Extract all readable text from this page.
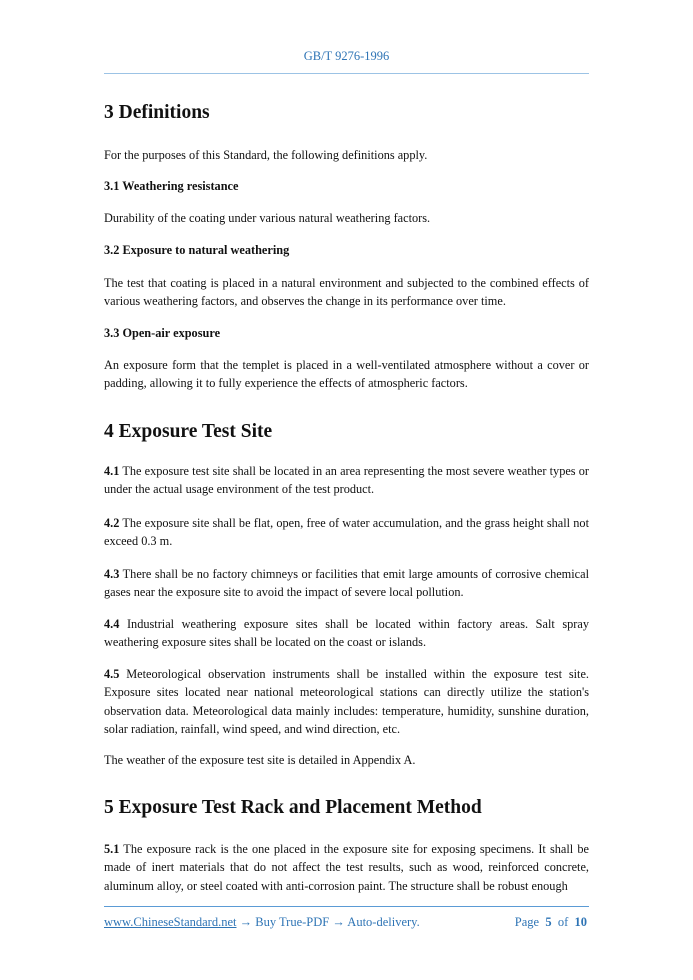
GB/T 9276-1996
3 Definitions
For the purposes of this Standard, the following definitions apply.
3.1 Weathering resistance
Durability of the coating under various natural weathering factors.
3.2 Exposure to natural weathering
The test that coating is placed in a natural environment and subjected to the combined effects of various weathering factors, and observes the change in its performance over time.
3.3 Open-air exposure
An exposure form that the templet is placed in a well-ventilated atmosphere without a cover or padding, allowing it to fully experience the effects of atmospheric factors.
4 Exposure Test Site
4.1 The exposure test site shall be located in an area representing the most severe weather types or under the actual usage environment of the test product.
4.2 The exposure site shall be flat, open, free of water accumulation, and the grass height shall not exceed 0.3 m.
4.3 There shall be no factory chimneys or facilities that emit large amounts of corrosive chemical gases near the exposure site to avoid the impact of severe local pollution.
4.4 Industrial weathering exposure sites shall be located within factory areas. Salt spray weathering exposure sites shall be located on the coast or islands.
4.5 Meteorological observation instruments shall be installed within the exposure test site. Exposure sites located near national meteorological stations can directly utilize the station's observation data. Meteorological data mainly includes: temperature, humidity, sunshine duration, solar radiation, rainfall, wind speed, and wind direction, etc.
The weather of the exposure test site is detailed in Appendix A.
5 Exposure Test Rack and Placement Method
5.1 The exposure rack is the one placed in the exposure site for exposing specimens. It shall be made of inert materials that do not affect the test results, such as wood, reinforced concrete, aluminum alloy, or steel coated with anti-corrosion paint. The structure shall be robust enough
www.ChineseStandard.net → Buy True-PDF → Auto-delivery.	Page 5 of 10
